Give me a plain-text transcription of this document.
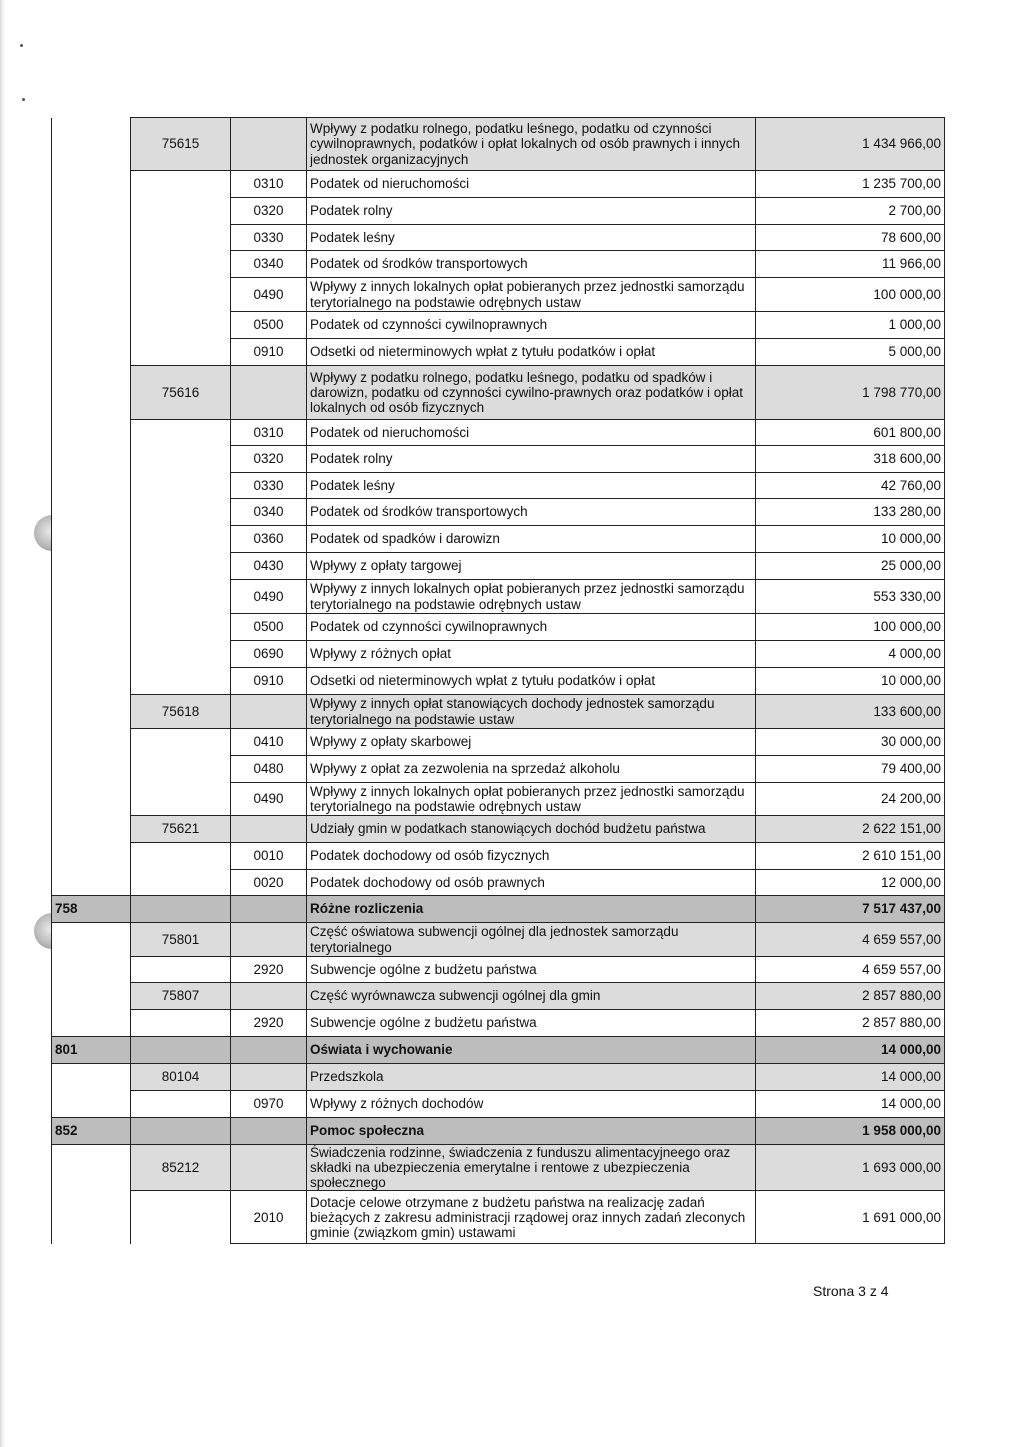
	75615		Wpływy z podatku rolnego, podatku leśnego, podatku od czynności cywilnoprawnych, podatków i opłat lokalnych od osób prawnych i innych jednostek organizacyjnych	1 434 966,00
		0310	Podatek od nieruchomości	1 235 700,00
		0320	Podatek rolny	2 700,00
		0330	Podatek leśny	78 600,00
		0340	Podatek od środków transportowych	11 966,00
		0490	Wpływy z innych lokalnych opłat pobieranych przez jednostki samorządu terytorialnego na podstawie odrębnych ustaw	100 000,00
		0500	Podatek od czynności cywilnoprawnych	1 000,00
		0910	Odsetki od nieterminowych wpłat z tytułu podatków i opłat	5 000,00
	75616		Wpływy z podatku rolnego, podatku leśnego, podatku od spadków i darowizn, podatku od czynności cywilno-prawnych oraz podatków i opłat lokalnych od osób fizycznych	1 798 770,00
		0310	Podatek od nieruchomości	601 800,00
		0320	Podatek rolny	318 600,00
		0330	Podatek leśny	42 760,00
		0340	Podatek od środków transportowych	133 280,00
		0360	Podatek od spadków i darowizn	10 000,00
		0430	Wpływy z opłaty targowej	25 000,00
		0490	Wpływy z innych lokalnych opłat pobieranych przez jednostki samorządu terytorialnego na podstawie odrębnych ustaw	553 330,00
		0500	Podatek od czynności cywilnoprawnych	100 000,00
		0690	Wpływy z różnych opłat	4 000,00
		0910	Odsetki od nieterminowych wpłat z tytułu podatków i opłat	10 000,00
	75618		Wpływy z innych opłat stanowiących dochody jednostek samorządu terytorialnego na podstawie ustaw	133 600,00
		0410	Wpływy z opłaty skarbowej	30 000,00
		0480	Wpływy z opłat za zezwolenia na sprzedaż alkoholu	79 400,00
		0490	Wpływy z innych lokalnych opłat pobieranych przez jednostki samorządu terytorialnego na podstawie odrębnych ustaw	24 200,00
	75621		Udziały gmin w podatkach stanowiących dochód budżetu państwa	2 622 151,00
		0010	Podatek dochodowy od osób fizycznych	2 610 151,00
		0020	Podatek dochodowy od osób prawnych	12 000,00
758			Różne rozliczenia	7 517 437,00
	75801		Część oświatowa subwencji ogólnej dla jednostek samorządu terytorialnego	4 659 557,00
		2920	Subwencje ogólne z budżetu państwa	4 659 557,00
	75807		Część wyrównawcza subwencji ogólnej dla gmin	2 857 880,00
		2920	Subwencje ogólne z budżetu państwa	2 857 880,00
801			Oświata i wychowanie	14 000,00
	80104		Przedszkola	14 000,00
		0970	Wpływy z różnych dochodów	14 000,00
852			Pomoc społeczna	1 958 000,00
	85212		Świadczenia rodzinne, świadczenia z funduszu alimentacyjneego oraz składki na ubezpieczenia emerytalne i rentowe z ubezpieczenia społecznego	1 693 000,00
		2010	Dotacje celowe otrzymane z budżetu państwa na realizację zadań bieżących z zakresu administracji rządowej oraz innych zadań zleconych gminie (związkom gmin) ustawami	1 691 000,00
Strona 3 z 4
